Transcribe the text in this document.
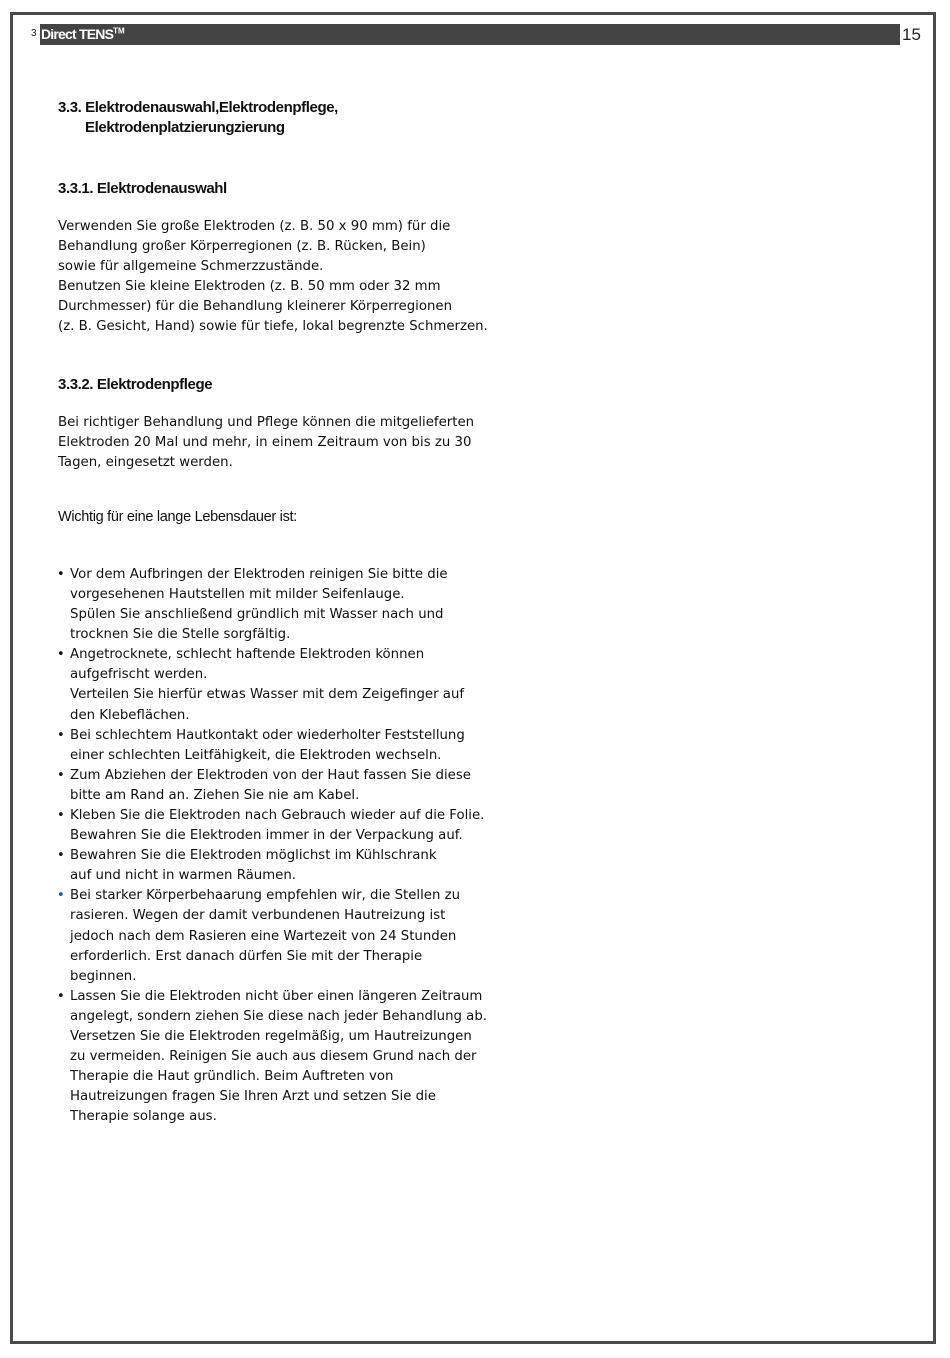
3 Direct TENS™	15
3.3. Elektrodenauswahl,Elektrodenpflege,
Elektrodenplatzierungzierung
3.3.1. Elektrodenauswahl

Verwenden Sie große Elektroden (z. B. 50 x 90 mm) für die
Behandlung großer Körperregionen (z. B. Rücken, Bein)
sowie für allgemeine Schmerzzustände.
Benutzen Sie kleine Elektroden (z. B. 50 mm oder 32 mm
Durchmesser) für die Behandlung kleinerer Körperregionen
(z. B. Gesicht, Hand) sowie für tiefe, lokal begrenzte Schmerzen.

3.3.2. Elektrodenpflege

Bei richtiger Behandlung und Pflege können die mitgelieferten
Elektroden 20 Mal und mehr, in einem Zeitraum von bis zu 30
Tagen, eingesetzt werden.

Wichtig für eine lange Lebensdauer ist:

• Vor dem Aufbringen der Elektroden reinigen Sie bitte die
vorgesehenen Hautstellen mit milder Seifenlauge.
Spülen Sie anschließend gründlich mit Wasser nach und
trocknen Sie die Stelle sorgfältig.
• Angetrocknete, schlecht haftende Elektroden können
aufgefrischt werden.
Verteilen Sie hierfür etwas Wasser mit dem Zeigefinger auf
den Klebeflächen.
• Bei schlechtem Hautkontakt oder wiederholter Feststellung
einer schlechten Leitfähigkeit, die Elektroden wechseln.
• Zum Abziehen der Elektroden von der Haut fassen Sie diese
bitte am Rand an. Ziehen Sie nie am Kabel.
• Kleben Sie die Elektroden nach Gebrauch wieder auf die Folie.
Bewahren Sie die Elektroden immer in der Verpackung auf.
• Bewahren Sie die Elektroden möglichst im Kühlschrank
auf und nicht in warmen Räumen.
• Bei starker Körperbehaarung empfehlen wir, die Stellen zu
rasieren. Wegen der damit verbundenen Hautreizung ist
jedoch nach dem Rasieren eine Wartezeit von 24 Stunden
erforderlich. Erst danach dürfen Sie mit der Therapie
beginnen.
• Lassen Sie die Elektroden nicht über einen längeren Zeitraum
angelegt, sondern ziehen Sie diese nach jeder Behandlung ab.
Versetzen Sie die Elektroden regelmäßig, um Hautreizungen
zu vermeiden. Reinigen Sie auch aus diesem Grund nach der
Therapie die Haut gründlich. Beim Auftreten von
Hautreizungen fragen Sie Ihren Arzt und setzen Sie die
Therapie solange aus.
